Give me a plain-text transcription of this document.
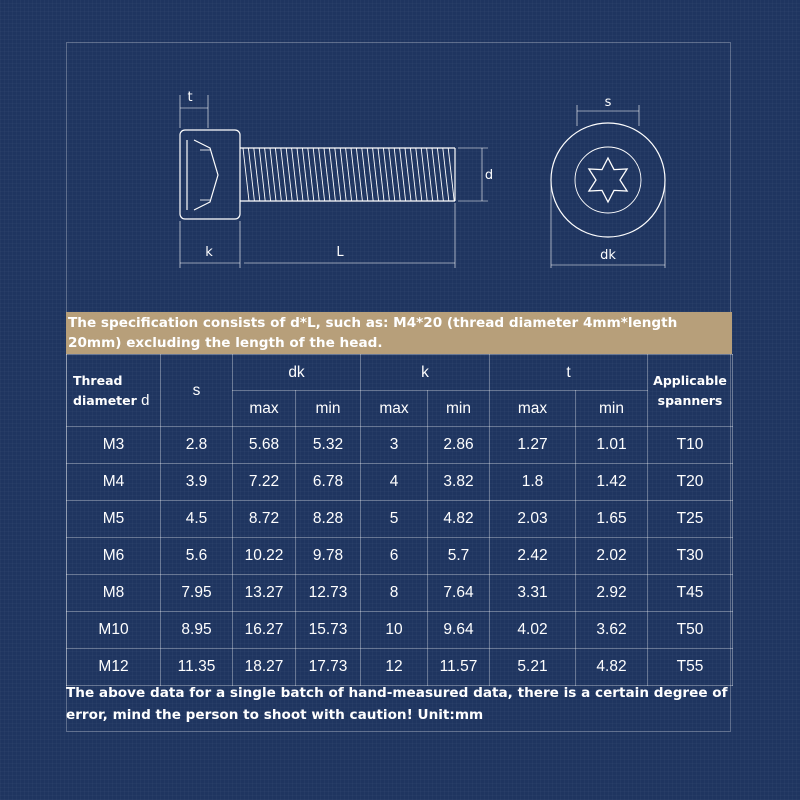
t
k	L
d
s
dk
The specification consists of d*L, such as: M4*20 (thread diameter 4mm*length 20mm) excluding the length of the head.
Thread
diameter d	s	dk		k		t		Applicable
spanners
		max	min	max	min	max	min	
M3	2.8	5.68	5.32	3	2.86	1.27	1.01	T10
M4	3.9	7.22	6.78	4	3.82	1.8	1.42	T20
M5	4.5	8.72	8.28	5	4.82	2.03	1.65	T25
M6	5.6	10.22	9.78	6	5.7	2.42	2.02	T30
M8	7.95	13.27	12.73	8	7.64	3.31	2.92	T45
M10	8.95	16.27	15.73	10	9.64	4.02	3.62	T50
M12	11.35	18.27	17.73	12	11.57	5.21	4.82	T55
The above data for a single batch of hand-measured data, there is a certain degree of error, mind the person to shoot with caution! Unit:mm
